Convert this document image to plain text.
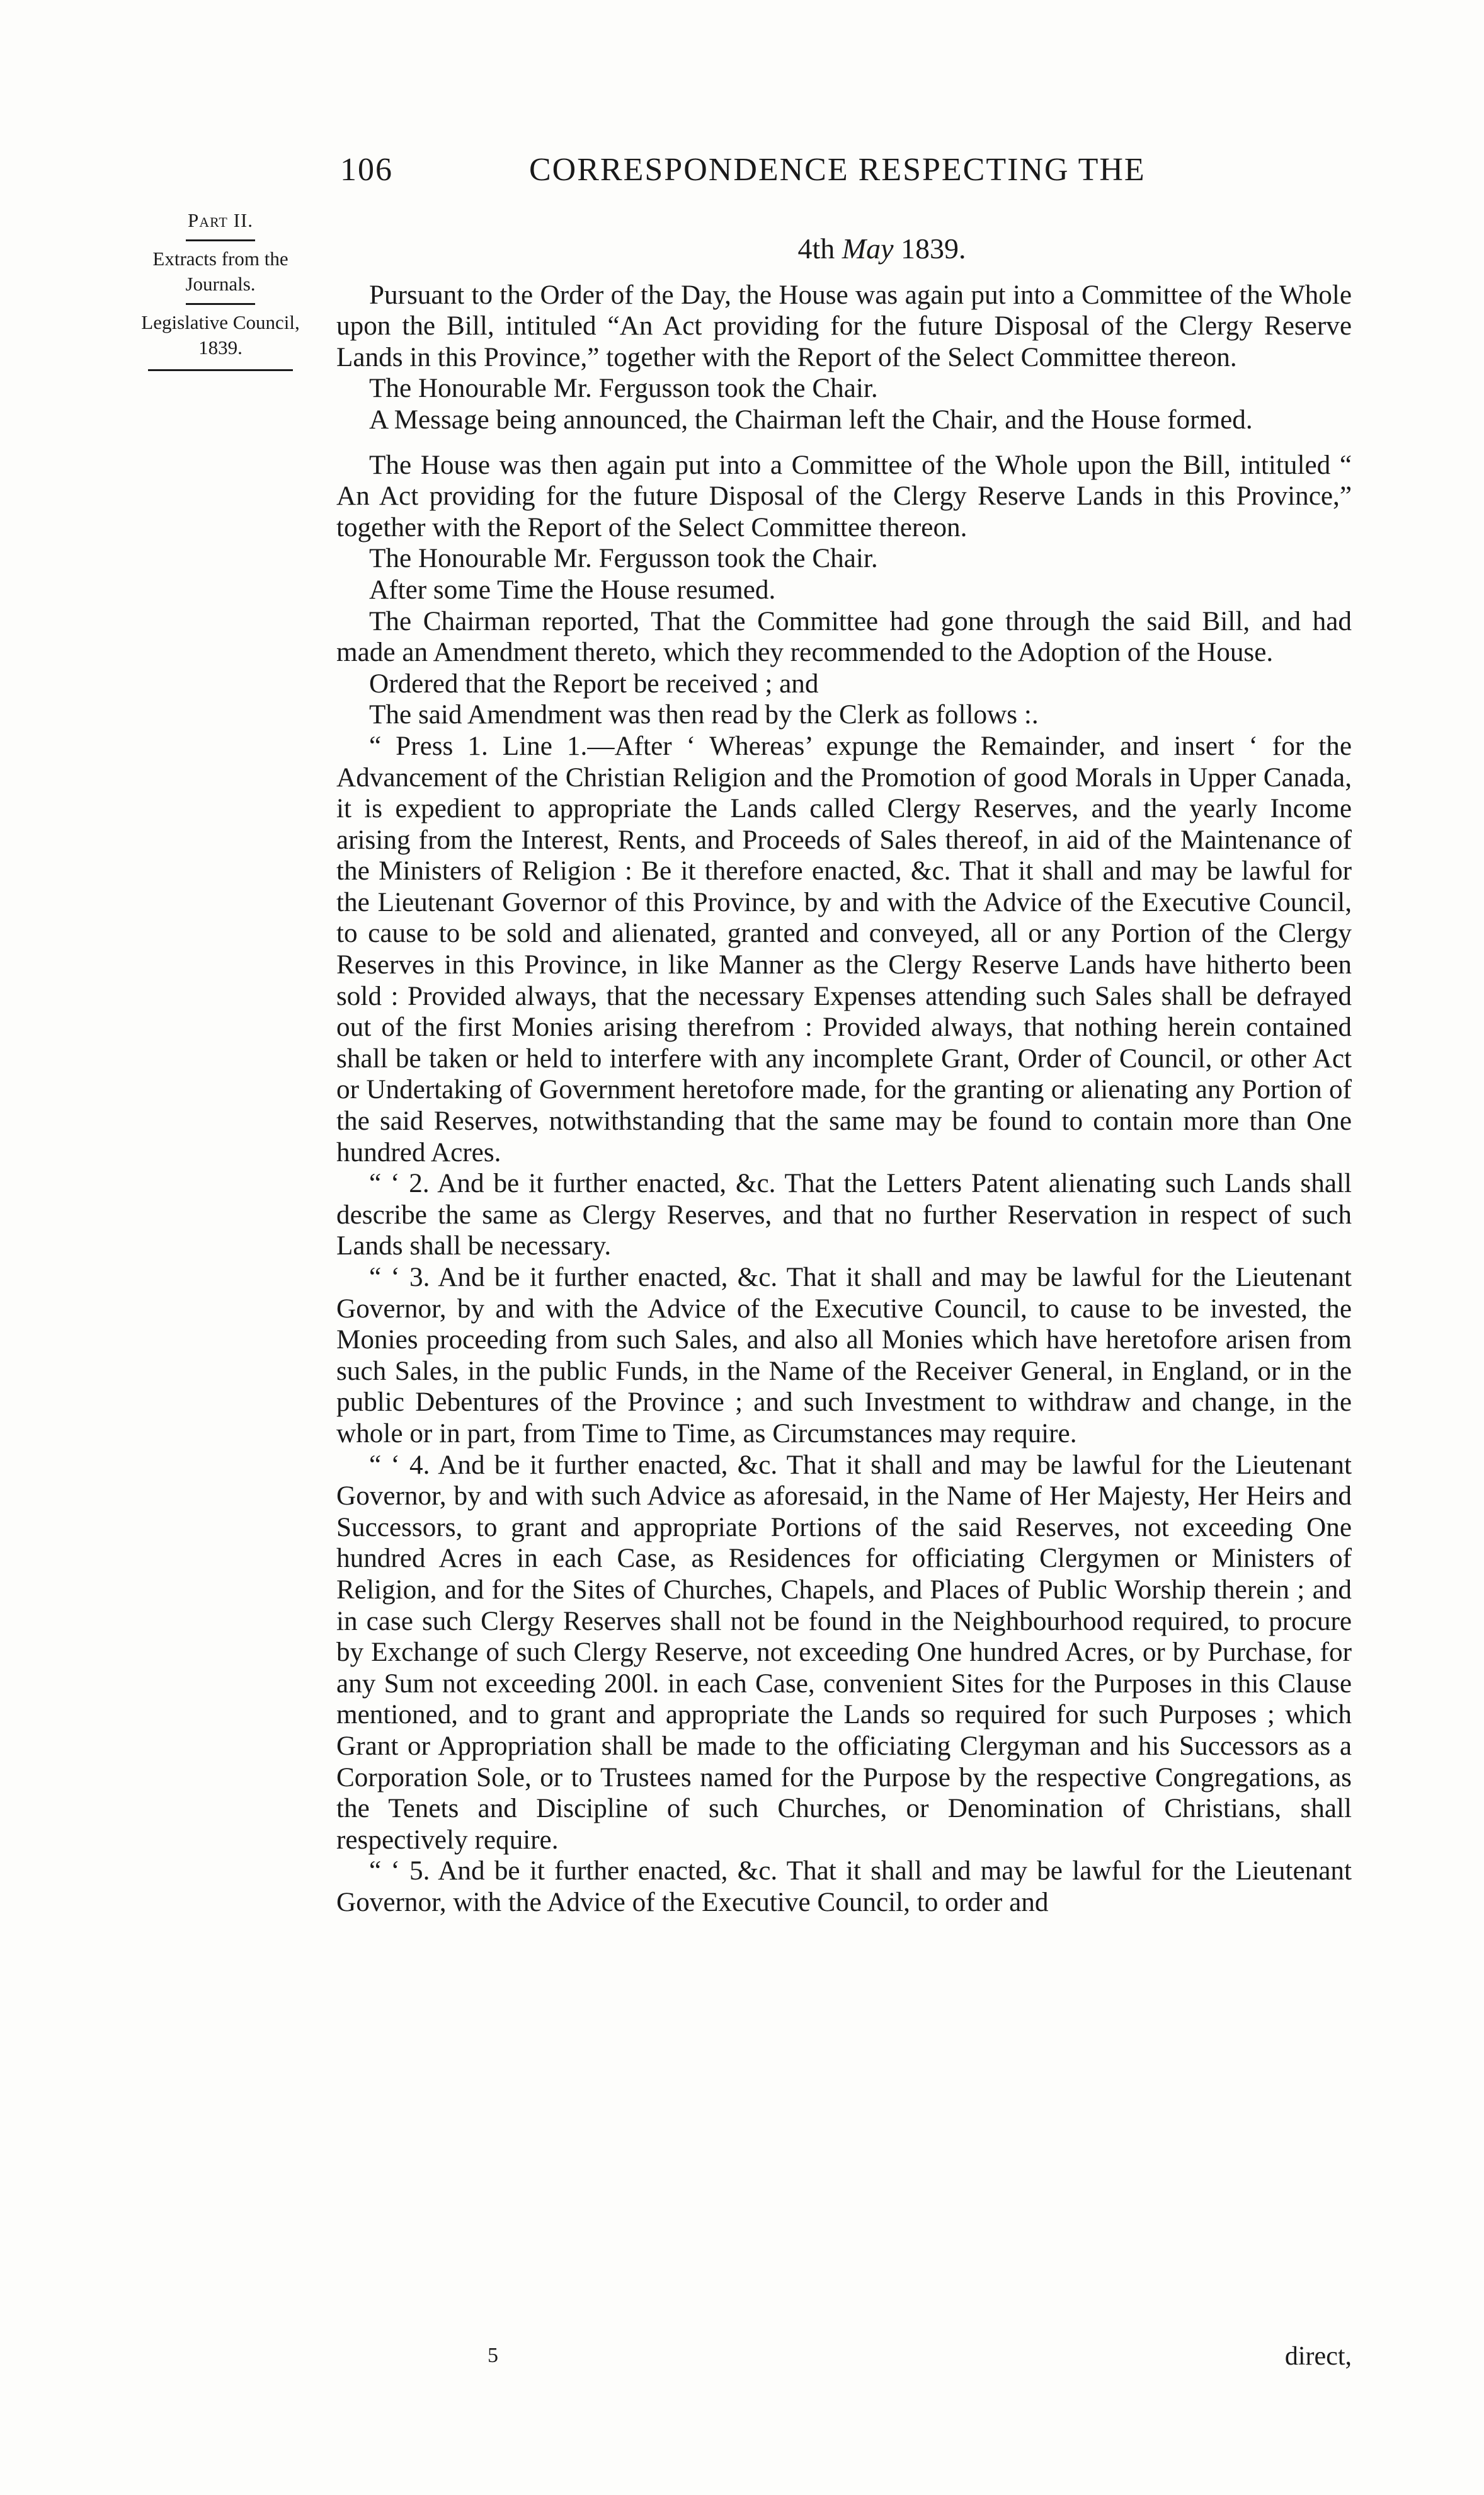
106	CORRESPONDENCE RESPECTING THE
Part II.
Extracts from the Journals.
Legislative Council,
1839.
4th May 1839.

Pursuant to the Order of the Day, the House was again put into a Committee of the Whole upon the Bill, intituled “An Act providing for the future Disposal of the Clergy Reserve Lands in this Province,” together with the Report of the Select Committee thereon.

The Honourable Mr. Fergusson took the Chair.

A Message being announced, the Chairman left the Chair, and the House formed.

The House was then again put into a Committee of the Whole upon the Bill, intituled “ An Act providing for the future Disposal of the Clergy Reserve Lands in this Province,” together with the Report of the Select Committee thereon.

The Honourable Mr. Fergusson took the Chair.

After some Time the House resumed.

The Chairman reported, That the Committee had gone through the said Bill, and had made an Amendment thereto, which they recommended to the Adoption of the House.

Ordered that the Report be received ; and

The said Amendment was then read by the Clerk as follows :.

“ Press 1. Line 1.—After ‘ Whereas’ expunge the Remainder, and insert ‘ for the Advancement of the Christian Religion and the Promotion of good Morals in Upper Canada, it is expedient to appropriate the Lands called Clergy Reserves, and the yearly Income arising from the Interest, Rents, and Proceeds of Sales thereof, in aid of the Maintenance of the Ministers of Religion : Be it therefore enacted, &c. That it shall and may be lawful for the Lieutenant Governor of this Province, by and with the Advice of the Executive Council, to cause to be sold and alienated, granted and conveyed, all or any Portion of the Clergy Reserves in this Province, in like Manner as the Clergy Reserve Lands have hitherto been sold : Provided always, that the necessary Expenses attending such Sales shall be defrayed out of the first Monies arising therefrom : Provided always, that nothing herein contained shall be taken or held to interfere with any incomplete Grant, Order of Council, or other Act or Undertaking of Government heretofore made, for the granting or alienating any Portion of the said Reserves, notwithstanding that the same may be found to contain more than One hundred Acres.

“ ‘ 2. And be it further enacted, &c. That the Letters Patent alienating such Lands shall describe the same as Clergy Reserves, and that no further Reservation in respect of such Lands shall be necessary.

“ ‘ 3. And be it further enacted, &c. That it shall and may be lawful for the Lieutenant Governor, by and with the Advice of the Executive Council, to cause to be invested, the Monies proceeding from such Sales, and also all Monies which have heretofore arisen from such Sales, in the public Funds, in the Name of the Receiver General, in England, or in the public Debentures of the Province ; and such Investment to withdraw and change, in the whole or in part, from Time to Time, as Circumstances may require.

“ ‘ 4. And be it further enacted, &c. That it shall and may be lawful for the Lieutenant Governor, by and with such Advice as aforesaid, in the Name of Her Majesty, Her Heirs and Successors, to grant and appropriate Portions of the said Reserves, not exceeding One hundred Acres in each Case, as Residences for officiating Clergymen or Ministers of Religion, and for the Sites of Churches, Chapels, and Places of Public Worship therein ; and in case such Clergy Reserves shall not be found in the Neighbourhood required, to procure by Exchange of such Clergy Reserve, not exceeding One hundred Acres, or by Purchase, for any Sum not exceeding 200l. in each Case, convenient Sites for the Purposes in this Clause mentioned, and to grant and appropriate the Lands so required for such Purposes ; which Grant or Appropriation shall be made to the officiating Clergyman and his Successors as a Corporation Sole, or to Trustees named for the Purpose by the respective Congregations, as the Tenets and Discipline of such Churches, or Denomination of Christians, shall respectively require.

“ ‘ 5. And be it further enacted, &c. That it shall and may be lawful for the Lieutenant Governor, with the Advice of the Executive Council, to order and

5	direct,
